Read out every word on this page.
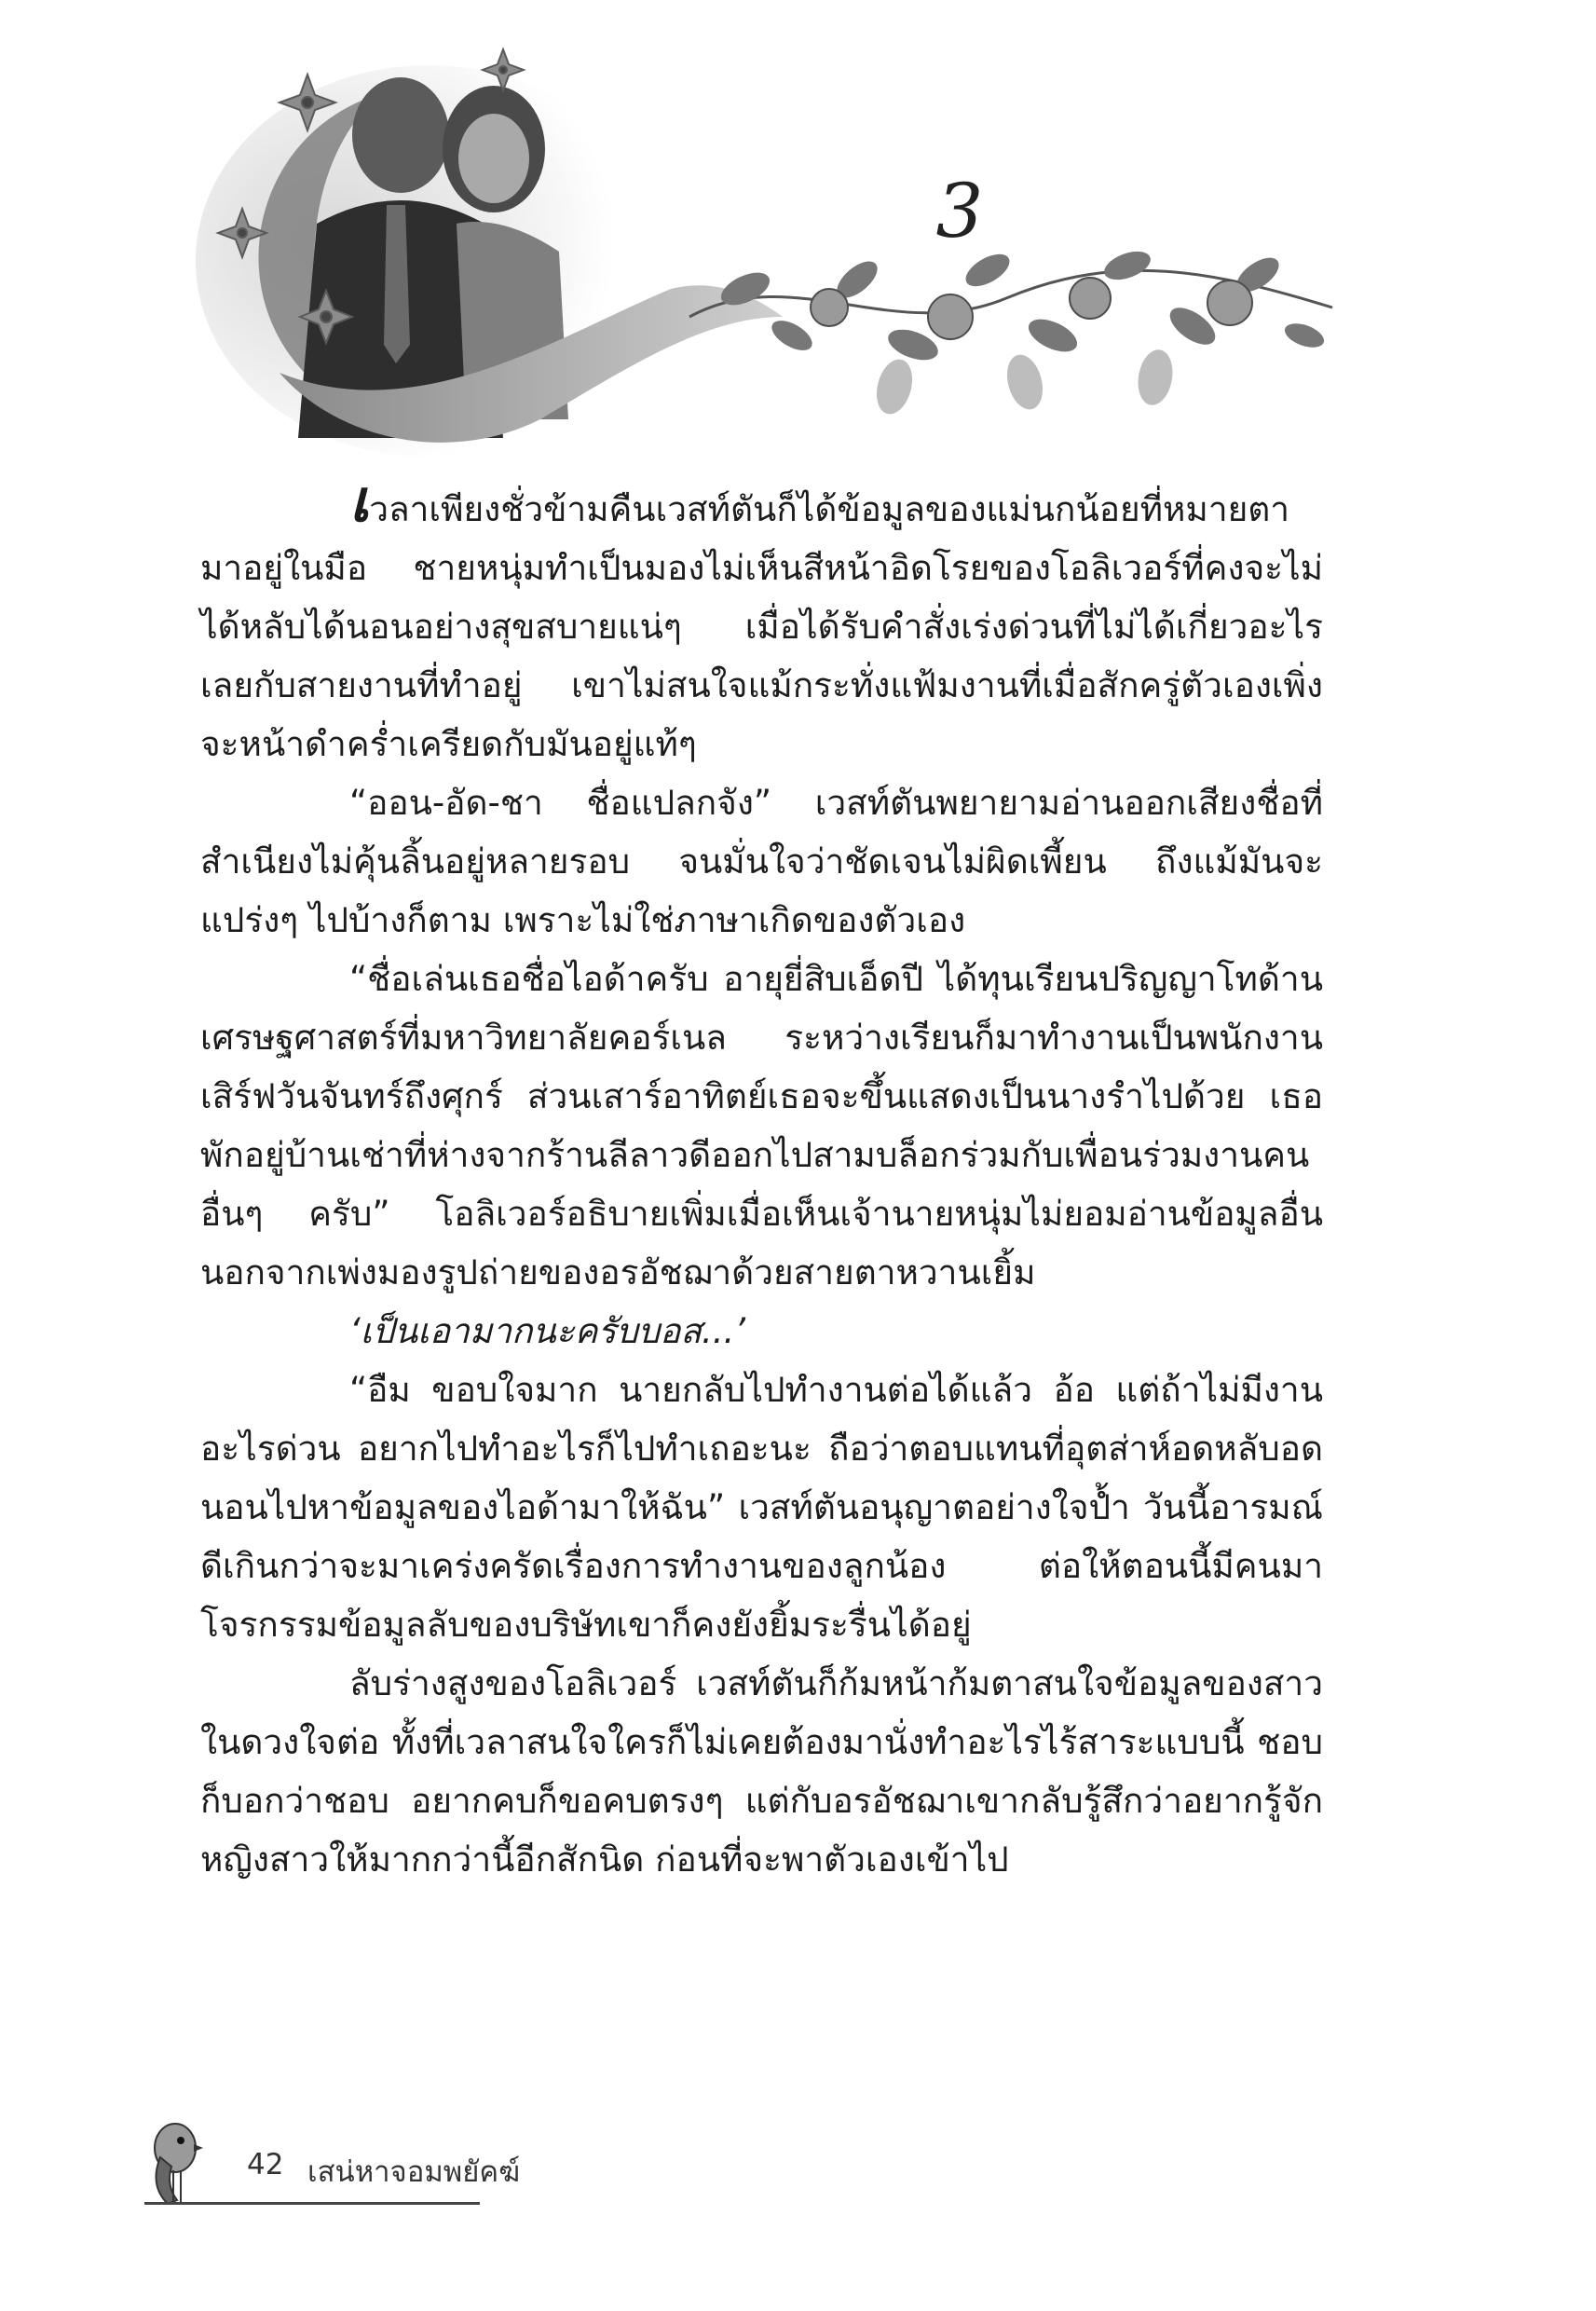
3

เวลาเพียงชั่วข้ามคืนเวสท์ตันก็ได้ข้อมูลของแม่นกน้อยที่หมายตามาอยู่ในมือ ชายหนุ่มทำเป็นมองไม่เห็นสีหน้าอิดโรยของโอลิเวอร์ที่คงจะไม่ได้หลับได้นอนอย่างสุขสบายแน่ๆ เมื่อได้รับคำสั่งเร่งด่วนที่ไม่ได้เกี่ยวอะไรเลยกับสายงานที่ทำอยู่ เขาไม่สนใจแม้กระทั่งแฟ้มงานที่เมื่อสักครู่ตัวเองเพิ่งจะหน้าดำคร่ำเครียดกับมันอยู่แท้ๆ

“ออน-อัด-ชา ชื่อแปลกจัง” เวสท์ตันพยายามอ่านออกเสียงชื่อที่สำเนียงไม่คุ้นลิ้นอยู่หลายรอบ จนมั่นใจว่าชัดเจนไม่ผิดเพี้ยน ถึงแม้มันจะแปร่งๆ ไปบ้างก็ตาม เพราะไม่ใช่ภาษาเกิดของตัวเอง

“ชื่อเล่นเธอชื่อไอด้าครับ อายุยี่สิบเอ็ดปี ได้ทุนเรียนปริญญาโทด้านเศรษฐศาสตร์ที่มหาวิทยาลัยคอร์เนล ระหว่างเรียนก็มาทำงานเป็นพนักงานเสิร์ฟวันจันทร์ถึงศุกร์ ส่วนเสาร์อาทิตย์เธอจะขึ้นแสดงเป็นนางรำไปด้วย เธอพักอยู่บ้านเช่าที่ห่างจากร้านลีลาวดีออกไปสามบล็อกร่วมกับเพื่อนร่วมงานคนอื่นๆ ครับ” โอลิเวอร์อธิบายเพิ่มเมื่อเห็นเจ้านายหนุ่มไม่ยอมอ่านข้อมูลอื่น นอกจากเพ่งมองรูปถ่ายของอรอัชฌาด้วยสายตาหวานเยิ้ม

‘เป็นเอามากนะครับบอส...’

“อืม ขอบใจมาก นายกลับไปทำงานต่อได้แล้ว อ้อ แต่ถ้าไม่มีงานอะไรด่วน อยากไปทำอะไรก็ไปทำเถอะนะ ถือว่าตอบแทนที่อุตส่าห์อดหลับอดนอนไปหาข้อมูลของไอด้ามาให้ฉัน” เวสท์ตันอนุญาตอย่างใจป้ำ วันนี้อารมณ์ดีเกินกว่าจะมาเคร่งครัดเรื่องการทำงานของลูกน้อง ต่อให้ตอนนี้มีคนมาโจรกรรมข้อมูลลับของบริษัทเขาก็คงยังยิ้มระรื่นได้อยู่

ลับร่างสูงของโอลิเวอร์ เวสท์ตันก็ก้มหน้าก้มตาสนใจข้อมูลของสาวในดวงใจต่อ ทั้งที่เวลาสนใจใครก็ไม่เคยต้องมานั่งทำอะไรไร้สาระแบบนี้ ชอบก็บอกว่าชอบ อยากคบก็ขอคบตรงๆ แต่กับอรอัชฌาเขากลับรู้สึกว่าอยากรู้จักหญิงสาวให้มากกว่านี้อีกสักนิด ก่อนที่จะพาตัวเองเข้าไป

42 เสน่หาจอมพยัคฆ์
